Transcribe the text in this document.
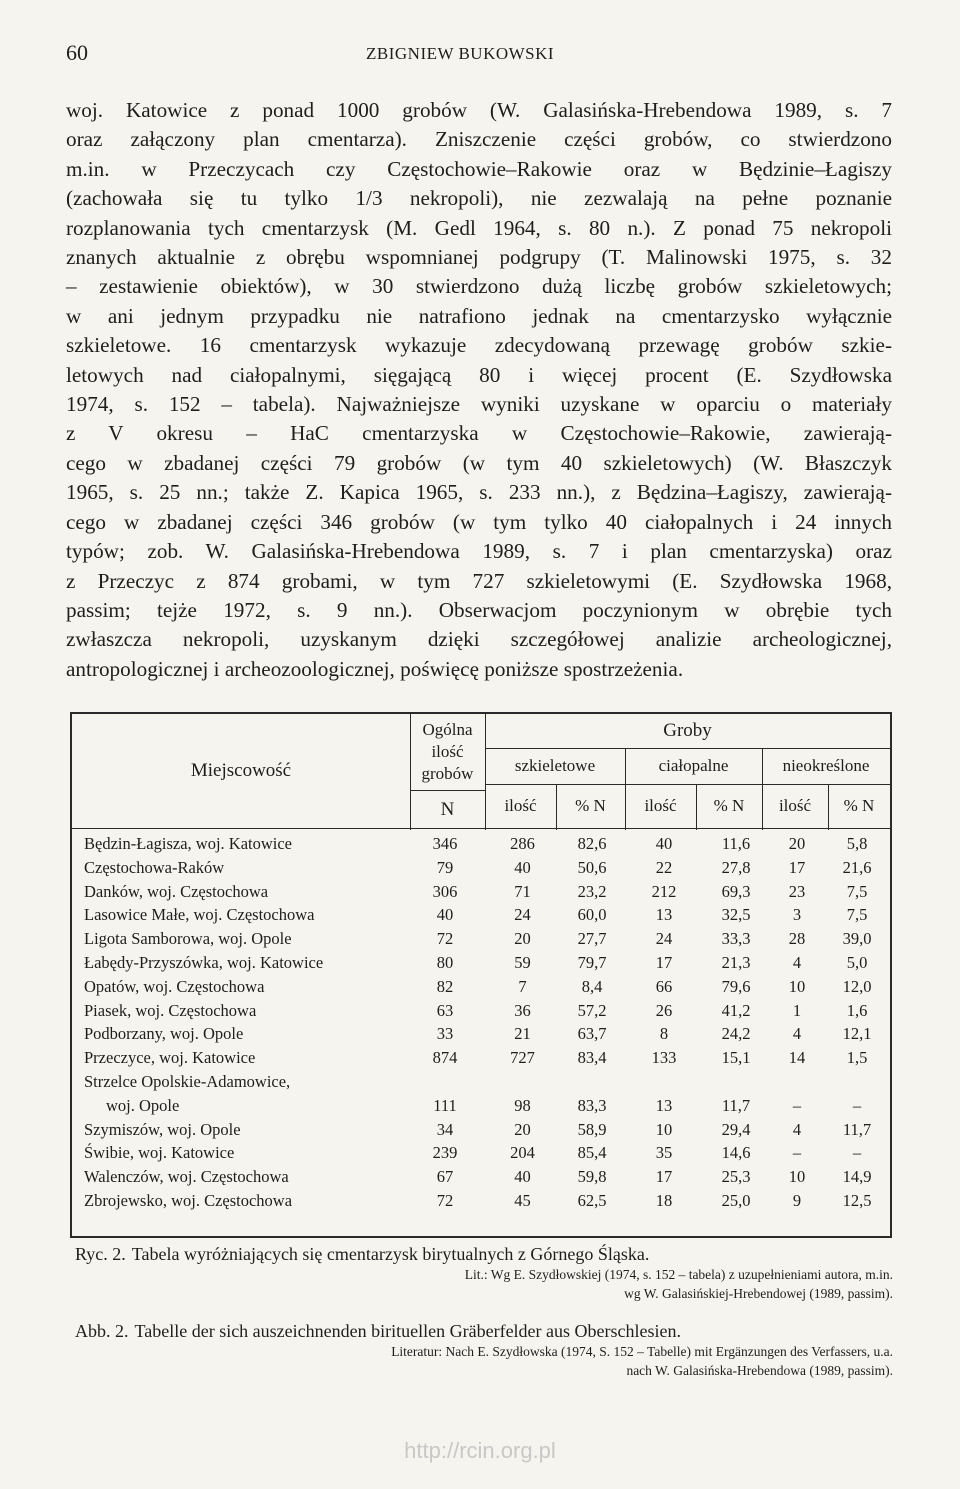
60	ZBIGNIEW BUKOWSKI

woj. Katowice z ponad 1000 grobów (W. Galasińska-Hrebendowa 1989, s. 7
oraz załączony plan cmentarza). Zniszczenie części grobów, co stwierdzono
m.in. w Przeczycach czy Częstochowie–Rakowie oraz w Będzinie–Łagiszy
(zachowała się tu tylko 1/3 nekropoli), nie zezwalają na pełne poznanie
rozplanowania tych cmentarzysk (M. Gedl 1964, s. 80 n.). Z ponad 75 nekropoli
znanych aktualnie z obrębu wspomnianej podgrupy (T. Malinowski 1975, s. 32
– zestawienie obiektów), w 30 stwierdzono dużą liczbę grobów szkieletowych;
w ani jednym przypadku nie natrafiono jednak na cmentarzysko wyłącznie
szkieletowe. 16 cmentarzysk wykazuje zdecydowaną przewagę grobów szkie-
letowych nad ciałopalnymi, sięgającą 80 i więcej procent (E. Szydłowska
1974, s. 152 – tabela). Najważniejsze wyniki uzyskane w oparciu o materiały
z V okresu – HaC cmentarzyska w Częstochowie–Rakowie, zawierają-
cego w zbadanej części 79 grobów (w tym 40 szkieletowych) (W. Błaszczyk
1965, s. 25 nn.; także Z. Kapica 1965, s. 233 nn.), z Będzina–Łagiszy, zawierają-
cego w zbadanej części 346 grobów (w tym tylko 40 ciałopalnych i 24 innych
typów; zob. W. Galasińska-Hrebendowa 1989, s. 7 i plan cmentarzyska) oraz
z Przeczyc z 874 grobami, w tym 727 szkieletowymi (E. Szydłowska 1968,
passim; tejże 1972, s. 9 nn.). Obserwacjom poczynionym w obrębie tych
zwłaszcza nekropoli, uzyskanym dzięki szczegółowej analizie archeologicznej,
antropologicznej i archeozoologicznej, poświęcę poniższe spostrzeżenia.

Miejscowość
Ogólna ilość grobów
N
Groby
szkieletowe	ciałopalne	nieokreślone
ilość	% N	ilość	% N	ilość	% N
Będzin-Łagisza, woj. Katowice	346	286	82,6	40	11,6	20	5,8
Częstochowa-Raków	79	40	50,6	22	27,8	17	21,6
Danków, woj. Częstochowa	306	71	23,2	212	69,3	23	7,5
Lasowice Małe, woj. Częstochowa	40	24	60,0	13	32,5	3	7,5
Ligota Samborowa, woj. Opole	72	20	27,7	24	33,3	28	39,0
Łabędy-Przyszówka, woj. Katowice	80	59	79,7	17	21,3	4	5,0
Opatów, woj. Częstochowa	82	7	8,4	66	79,6	10	12,0
Piasek, woj. Częstochowa	63	36	57,2	26	41,2	1	1,6
Podborzany, woj. Opole	33	21	63,7	8	24,2	4	12,1
Przeczyce, woj. Katowice	874	727	83,4	133	15,1	14	1,5
Strzelce Opolskie-Adamowice,
woj. Opole	111	98	83,3	13	11,7	–	–
Szymiszów, woj. Opole	34	20	58,9	10	29,4	4	11,7
Świbie, woj. Katowice	239	204	85,4	35	14,6	–	–
Walenczów, woj. Częstochowa	67	40	59,8	17	25,3	10	14,9
Zbrojewsko, woj. Częstochowa	72	45	62,5	18	25,0	9	12,5
Ryc. 2. Tabela wyróżniających się cmentarzysk birytualnych z Górnego Śląska.
Lit.: Wg E. Szydłowskiej (1974, s. 152 – tabela) z uzupełnieniami autora, m.in.
wg W. Galasińskiej-Hrebendowej (1989, passim).
Abb. 2. Tabelle der sich auszeichnenden birituellen Gräberfelder aus Oberschlesien.
Literatur: Nach E. Szydłowska (1974, S. 152 – Tabelle) mit Ergänzungen des Verfassers, u.a.
nach W. Galasińska-Hrebendowa (1989, passim).
http://rcin.org.pl
